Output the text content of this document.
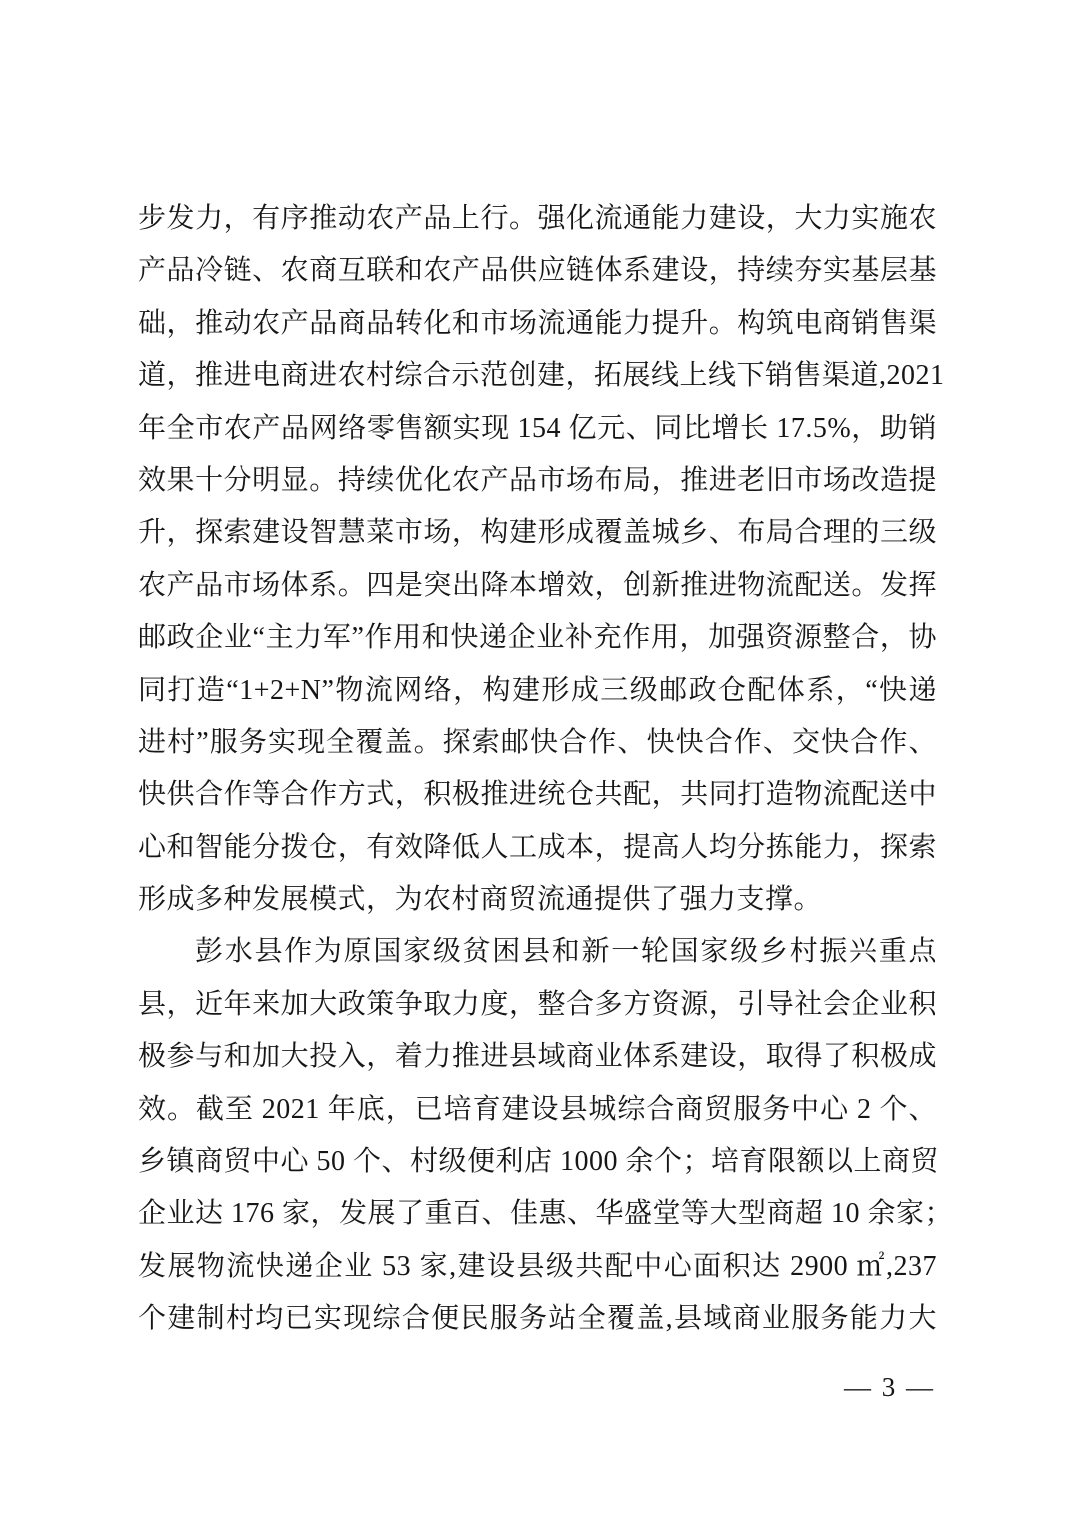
步发力，有序推动农产品上行。强化流通能力建设，大力实施农
产品冷链、农商互联和农产品供应链体系建设，持续夯实基层基
础，推动农产品商品转化和市场流通能力提升。构筑电商销售渠
道，推进电商进农村综合示范创建，拓展线上线下销售渠道,2021
年全市农产品网络零售额实现 154 亿元、同比增长 17.5%，助销
效果十分明显。持续优化农产品市场布局，推进老旧市场改造提
升，探索建设智慧菜市场，构建形成覆盖城乡、布局合理的三级
农产品市场体系。四是突出降本增效，创新推进物流配送。发挥
邮政企业“主力军”作用和快递企业补充作用，加强资源整合，协
同打造“1+2+N”物流网络，构建形成三级邮政仓配体系，“快递
进村”服务实现全覆盖。探索邮快合作、快快合作、交快合作、
快供合作等合作方式，积极推进统仓共配，共同打造物流配送中
心和智能分拨仓，有效降低人工成本，提高人均分拣能力，探索
形成多种发展模式，为农村商贸流通提供了强力支撑。
彭水县作为原国家级贫困县和新一轮国家级乡村振兴重点
县，近年来加大政策争取力度，整合多方资源，引导社会企业积
极参与和加大投入，着力推进县域商业体系建设，取得了积极成
效。截至 2021 年底，已培育建设县城综合商贸服务中心 2 个、
乡镇商贸中心 50 个、村级便利店 1000 余个；培育限额以上商贸
企业达 176 家，发展了重百、佳惠、华盛堂等大型商超 10 余家；
发展物流快递企业 53 家,建设县级共配中心面积达 2900 ㎡,237
个建制村均已实现综合便民服务站全覆盖,县域商业服务能力大
— 3 —
